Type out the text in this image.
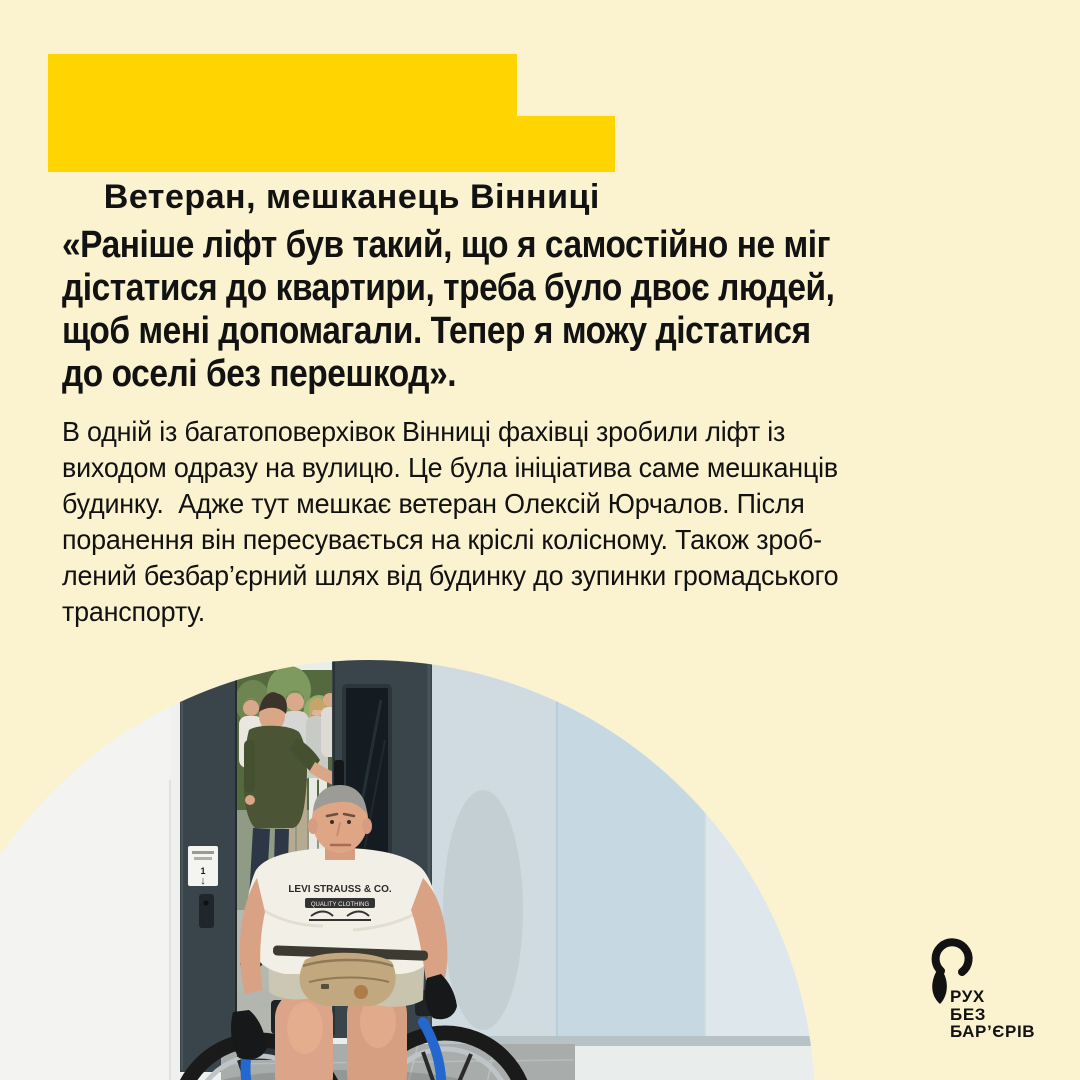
Ветеран, мешканець Вінниці

«Раніше ліфт був такий, що я самостійно не міг
дістатися до квартири, треба було двоє людей,
щоб мені допомагали. Тепер я можу дістатися
до оселі без перешкод».
В одній із багатоповерхівок Вінниці фахівці зробили ліфт із
виходом одразу на вулицю. Це була ініціатива саме мешканців
будинку.  Адже тут мешкає ветеран Олексій Юрчалов. Після
поранення він пересувається на кріслі колісному. Також зроб-
лений безбар’єрний шлях від будинку до зупинки громадського
транспорту.
1
↓
LEVI STRAUSS & CO.
QUALITY CLOTHING
РУХ
БЕЗ
БАР’ЄРІВ
